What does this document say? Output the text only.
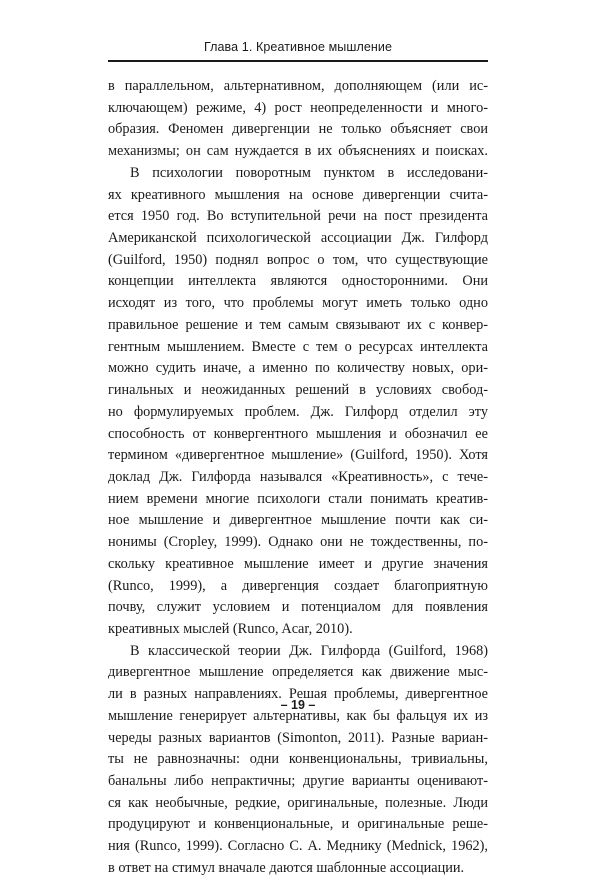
Глава 1. Креативное мышление
в параллельном, альтернативном, дополняющем (или ис-
ключающем) режиме, 4) рост неопределенности и много-
образия. Феномен дивергенции не только объясняет свои
механизмы; он сам нуждается в их объяснениях и поисках.
В психологии поворотным пунктом в исследовани-
ях креативного мышления на основе дивергенции счита-
ется 1950 год. Во вступительной речи на пост президента
Американской психологической ассоциации Дж. Гилфорд
(Guilford, 1950) поднял вопрос о том, что существующие
концепции интеллекта являются односторонними. Они
исходят из того, что проблемы могут иметь только одно
правильное решение и тем самым связывают их с конвер-
гентным мышлением. Вместе с тем о ресурсах интеллекта
можно судить иначе, а именно по количеству новых, ори-
гинальных и неожиданных решений в условиях свобод-
но формулируемых проблем. Дж. Гилфорд отделил эту
способность от конвергентного мышления и обозначил ее
термином «дивергентное мышление» (Guilford, 1950). Хотя
доклад Дж. Гилфорда назывался «Креативность», с тече-
нием времени многие психологи стали понимать креатив-
ное мышление и дивергентное мышление почти как си-
нонимы (Cropley, 1999). Однако они не тождественны, по-
скольку креативное мышление имеет и другие значения
(Runco, 1999), а дивергенция создает благоприятную
почву, служит условием и потенциалом для появления
креативных мыслей (Runco, Acar, 2010).
В классической теории Дж. Гилфорда (Guilford, 1968)
дивергентное мышление определяется как движение мыс-
ли в разных направлениях. Решая проблемы, дивергентное
мышление генерирует альтернативы, как бы фальцуя их из
череды разных вариантов (Simonton, 2011). Разные вариан-
ты не равнозначны: одни конвенциональны, тривиальны,
банальны либо непрактичны; другие варианты оценивают-
ся как необычные, редкие, оригинальные, полезные. Люди
продуцируют и конвенциональные, и оригинальные реше-
ния (Runco, 1999). Согласно С. А. Меднику (Mednick, 1962),
в ответ на стимул вначале даются шаблонные ассоциации.
– 19 –
